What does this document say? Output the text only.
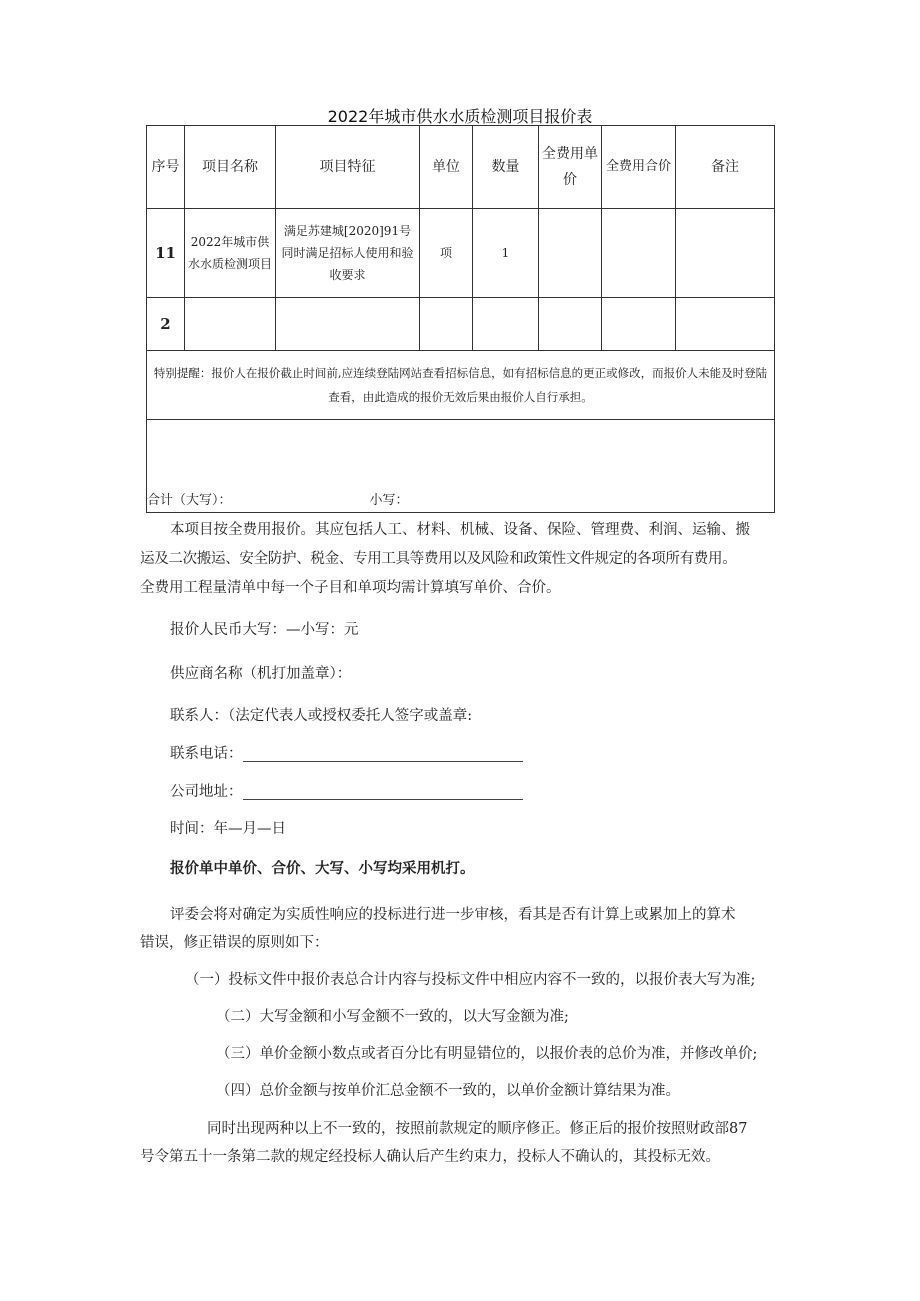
2022年城市供水水质检测项目报价表
序号	项目名称	项目特征	单位	数量	全费用单价	全费用合价	备注
11	2022年城市供水水质检测项目	满足苏建城[2020]91号同时满足招标人使用和验收要求	项	1			
2							
特别提醒：报价人在报价截止时间前,应连续登陆网站查看招标信息，如有招标信息的更正或修改，而报价人未能及时登陆查看，由此造成的报价无效后果由报价人自行承担。							
合计（大写）： 小写：							
本项目按全费用报价。其应包括人工、材料、机械、设备、保险、管理费、利润、运输、搬
运及二次搬运、安全防护、税金、专用工具等费用以及风险和政策性文件规定的各项所有费用。
全费用工程量清单中每一个子目和单项均需计算填写单价、合价。
报价人民币大写：—小写：元
供应商名称（机打加盖章）：
联系人：（法定代表人或授权委托人签字或盖章:
联系电话：
公司地址：
时间：年—月—日
报价单中单价、合价、大写、小写均采用机打。
评委会将对确定为实质性响应的投标进行进一步审核，看其是否有计算上或累加上的算术
错误，修正错误的原则如下：
（一）投标文件中报价表总合计内容与投标文件中相应内容不一致的，以报价表大写为准;
（二）大写金额和小写金额不一致的，以大写金额为准;
（三）单价金额小数点或者百分比有明显错位的，以报价表的总价为准，并修改单价;
（四）总价金额与按单价汇总金额不一致的，以单价金额计算结果为准。
同时出现两种以上不一致的，按照前款规定的顺序修正。修正后的报价按照财政部87
号令第五十一条第二款的规定经投标人确认后产生约束力，投标人不确认的，其投标无效。
